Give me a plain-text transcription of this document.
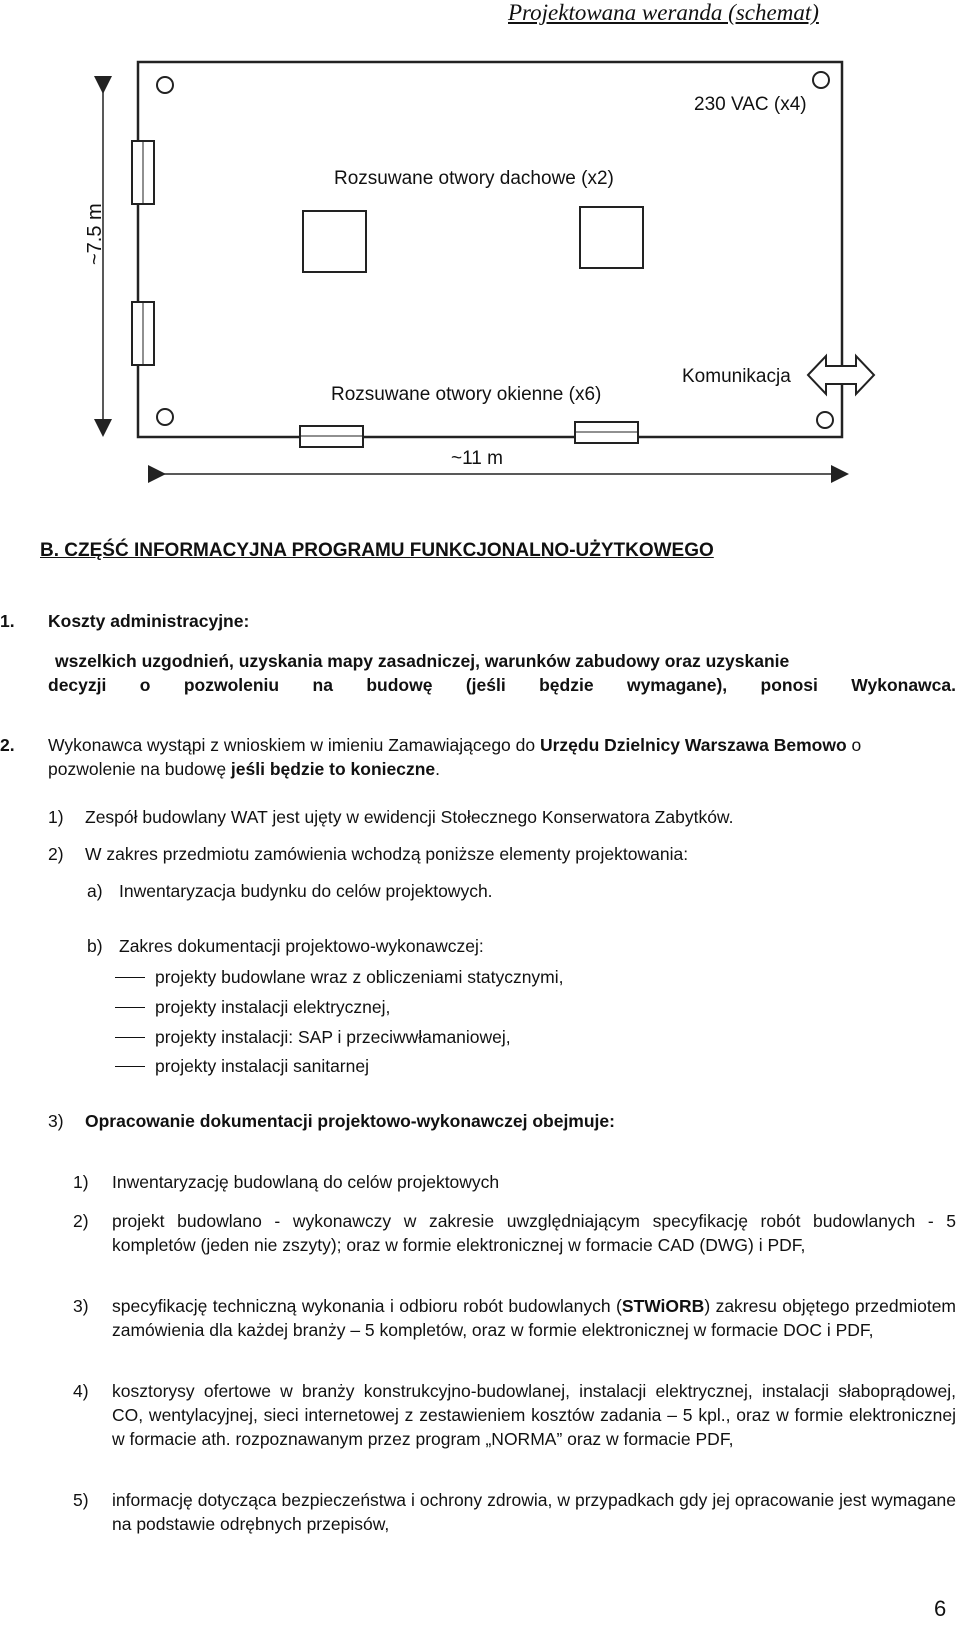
Projektowana weranda (schemat)
230 VAC (x4)
Rozsuwane otwory dachowe (x2)
Rozsuwane otwory okienne (x6)
Komunikacja
~7.5 m
~11 m
B. CZĘŚĆ INFORMACYJNA PROGRAMU FUNKCJONALNO-UŻYTKOWEGO
1. Koszty administracyjne:
wszelkich uzgodnień, uzyskania mapy zasadniczej, warunków zabudowy oraz uzyskanie
decyzji o pozwoleniu na budowę (jeśli będzie wymagane), ponosi Wykonawca.
2. Wykonawca wystąpi z wnioskiem w imieniu Zamawiającego do Urzędu Dzielnicy Warszawa Bemowo o pozwolenie na budowę jeśli będzie to konieczne.
1) Zespół budowlany WAT jest ujęty w ewidencji Stołecznego Konserwatora Zabytków.
2) W zakres przedmiotu zamówienia wchodzą poniższe elementy projektowania:
a) Inwentaryzacja budynku do celów projektowych.
b) Zakres dokumentacji projektowo-wykonawczej:
projekty budowlane wraz z obliczeniami statycznymi,
projekty instalacji elektrycznej,
projekty instalacji: SAP i przeciwwłamaniowej,
projekty instalacji sanitarnej
3) Opracowanie dokumentacji projektowo-wykonawczej obejmuje:
1) Inwentaryzację budowlaną do celów projektowych
2) projekt budowlano - wykonawczy w zakresie uwzględniającym specyfikację robót budowlanych - 5 kompletów (jeden nie zszyty); oraz w formie elektronicznej w formacie CAD (DWG) i PDF,
3) specyfikację techniczną wykonania i odbioru robót budowlanych (STWiORB) zakresu objętego przedmiotem zamówienia dla każdej branży – 5 kompletów, oraz w formie elektronicznej w formacie DOC i PDF,
4) kosztorysy ofertowe w branży konstrukcyjno-budowlanej, instalacji elektrycznej, instalacji słaboprądowej, CO, wentylacyjnej, sieci internetowej z zestawieniem kosztów zadania – 5 kpl., oraz w formie elektronicznej w formacie ath. rozpoznawanym przez program „NORMA” oraz w formacie PDF,
5) informację dotycząca bezpieczeństwa i ochrony zdrowia, w przypadkach gdy jej opracowanie jest wymagane na podstawie odrębnych przepisów,
6
